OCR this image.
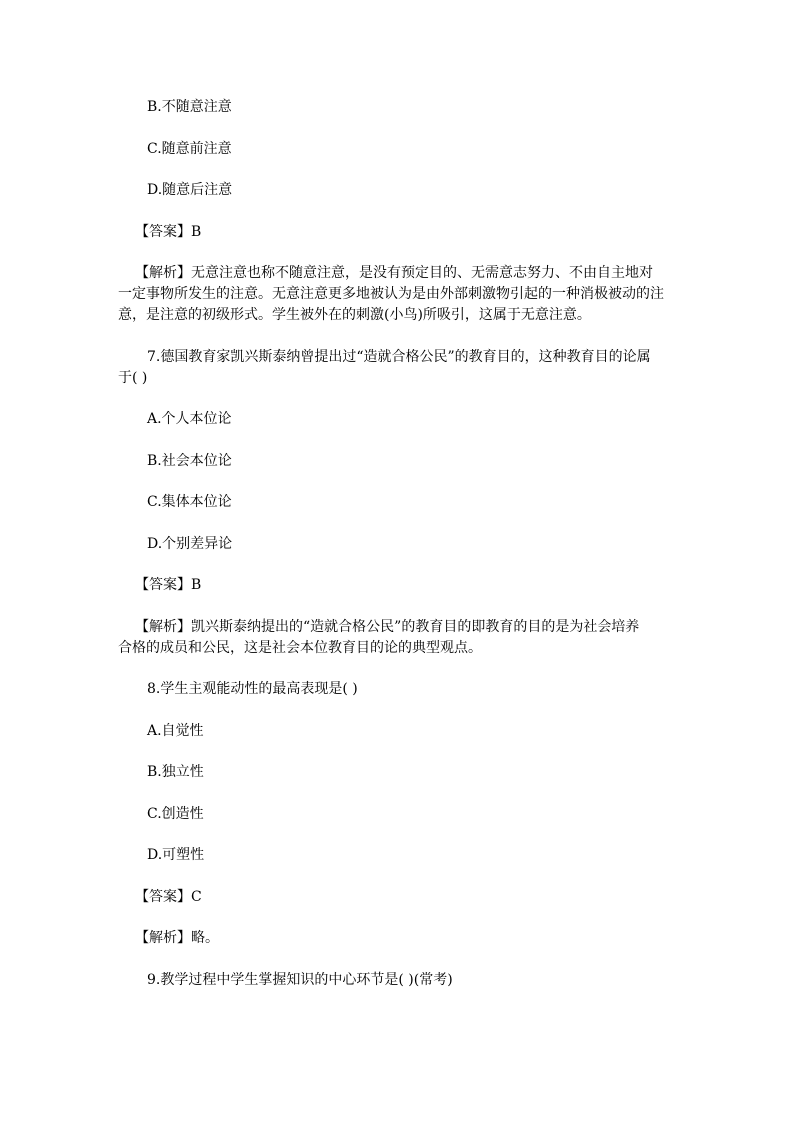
B.不随意注意
C.随意前注意
D.随意后注意
【答案】B
【解析】无意注意也称不随意注意，是没有预定目的、无需意志努力、不由自主地对
一定事物所发生的注意。无意注意更多地被认为是由外部刺激物引起的一种消极被动的注
意，是注意的初级形式。学生被外在的刺激(小鸟)所吸引，这属于无意注意。
7.德国教育家凯兴斯泰纳曾提出过“造就合格公民”的教育目的，这种教育目的论属
于( )
A.个人本位论
B.社会本位论
C.集体本位论
D.个别差异论
【答案】B
【解析】凯兴斯泰纳提出的“造就合格公民”的教育目的即教育的目的是为社会培养
合格的成员和公民，这是社会本位教育目的论的典型观点。
8.学生主观能动性的最高表现是( )
A.自觉性
B.独立性
C.创造性
D.可塑性
【答案】C
【解析】略。
9.教学过程中学生掌握知识的中心环节是( )(常考)
